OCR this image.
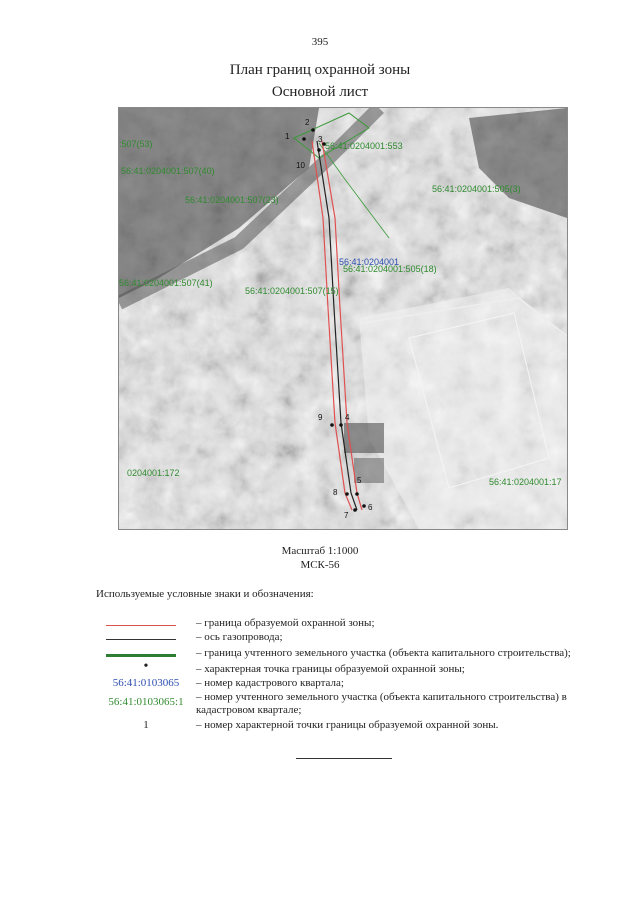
395
План границ охранной зоны
Основной лист
:507(53)
56:41:0204001:507(40)
56:41:0204001:553
56:41:0204001:505(3)
56:41:0204001:507(23)
56:41:0204001:505(18)
56:41:0204001:507(41)
56:41:0204001:507(15)
0204001:172
56:41:0204001:17
56:41:0204001
1
2
3
4
5
6
7
8
9
10
Масштаб 1:1000
МСК-56
Используемые условные знаки и обозначения:
– граница образуемой охранной зоны;
– ось газопровода;
– граница учтенного земельного участка (объекта капитального строительства);
•	– характерная точка границы образуемой охранной зоны;
56:41:0103065	– номер кадастрового квартала;
56:41:0103065:1	– номер учтенного земельного участка (объекта капитального строительства) в кадастровом квартале;
1	– номер характерной точки границы образуемой охранной зоны.
